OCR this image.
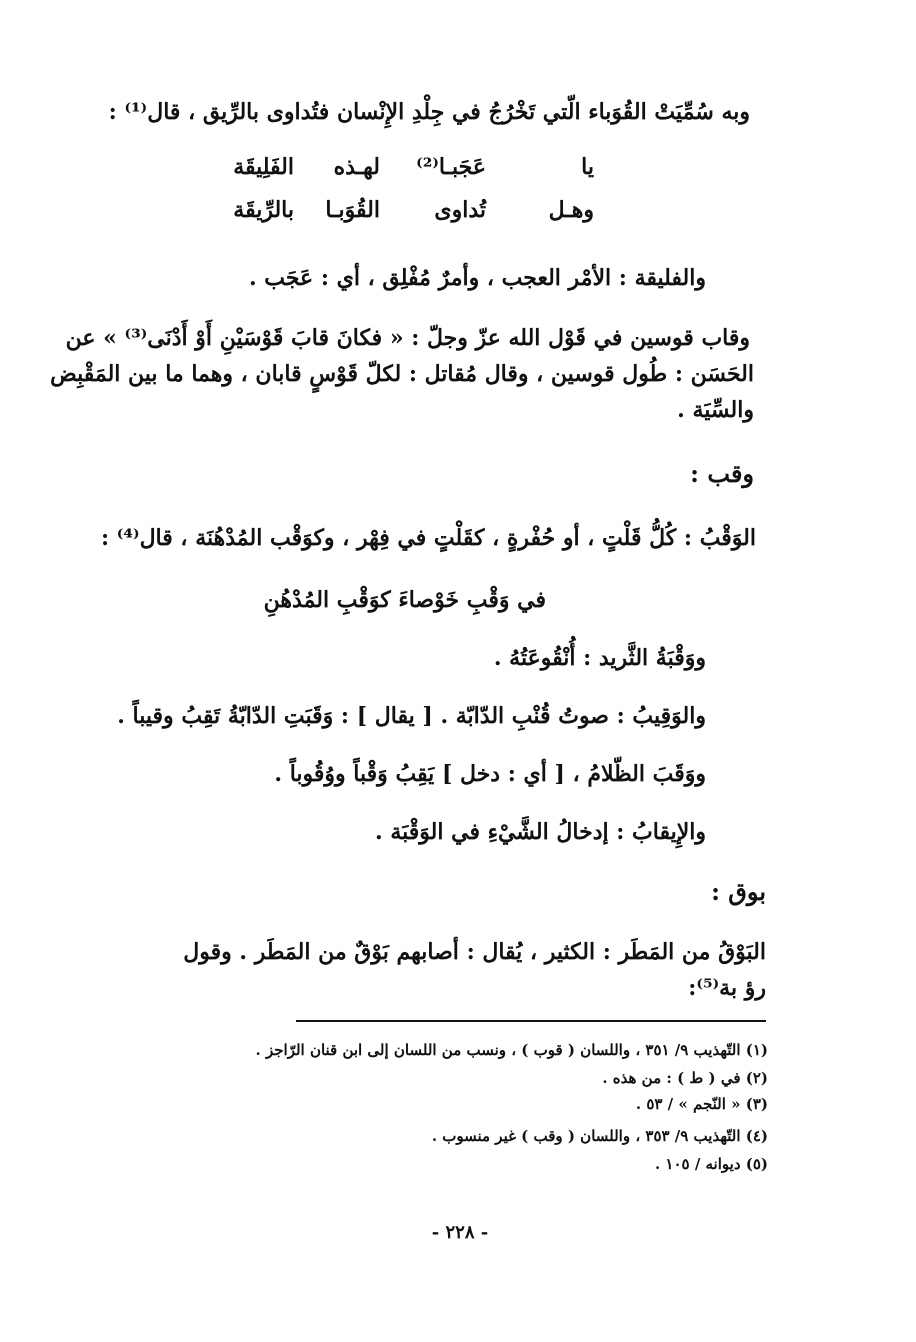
وبه سُمِّيَتْ القُوَباء الّتي تَخْرُجُ في جِلْدِ الإِنْسان فتُداوى بالرِّيق ، قال⁽¹⁾ :
يا
عَجَبـا⁽²⁾
لهـذه
الفَلِيقَة
وهـل
تُداوى
القُوَبـا
بالرِّيقَة
والفليقة : الأمْر العجب ، وأمرٌ مُفْلِق ، أي : عَجَب .
وقاب قوسين في قَوْل الله عزّ وجلّ : « فكانَ قابَ قَوْسَيْنِ أَوْ أَدْنَى⁽³⁾ » عن
الحَسَن : طُول قوسين ، وقال مُقاتل : لكلّ قَوْسٍ قابان ، وهما ما بين المَقْبِض
والسِّيَة .
وقب :
الوَقْبُ : كُلُّ قَلْتٍ ، أو حُفْرةٍ ، كقَلْتٍ في فِهْر ، وكوَقْب المُدْهُنَة ، قال⁽⁴⁾ :
في وَقْبِ خَوْصاءَ كوَقْبِ المُدْهُنِ
ووَقْبَةُ الثَّريد : أُنْقُوعَتُهُ .
والوَقِيبُ : صوتُ قُنْبِ الدّابّة . [ يقال ] : وَقَبَتِ الدّابّةُ تَقِبُ وقيباً .
ووَقَبَ الظّلامُ ، [ أي : دخل ] يَقِبُ وَقْباً ووُقُوباً .
والإِيقابُ : إدخالُ الشَّيْءِ في الوَقْبَة .
بوق :
البَوْقُ من المَطَر : الكثير ، يُقال : أصابهم بَوْقٌ من المَطَر . وقول
رؤ بة⁽⁵⁾:
(١) التّهذيب ٩/ ٣٥١ ، واللسان ( قوب ) ، ونسب من اللسان إلى ابن قنان الرّاجز .
(٢) في ( ط ) : من هذه .
(٣) « النّجم » / ٥٣ .
(٤) التّهذيب ٩/ ٣٥٣ ، واللسان ( وقب ) غير منسوب .
(٥) ديوانه / ١٠٥ .
- ٢٢٨ -
